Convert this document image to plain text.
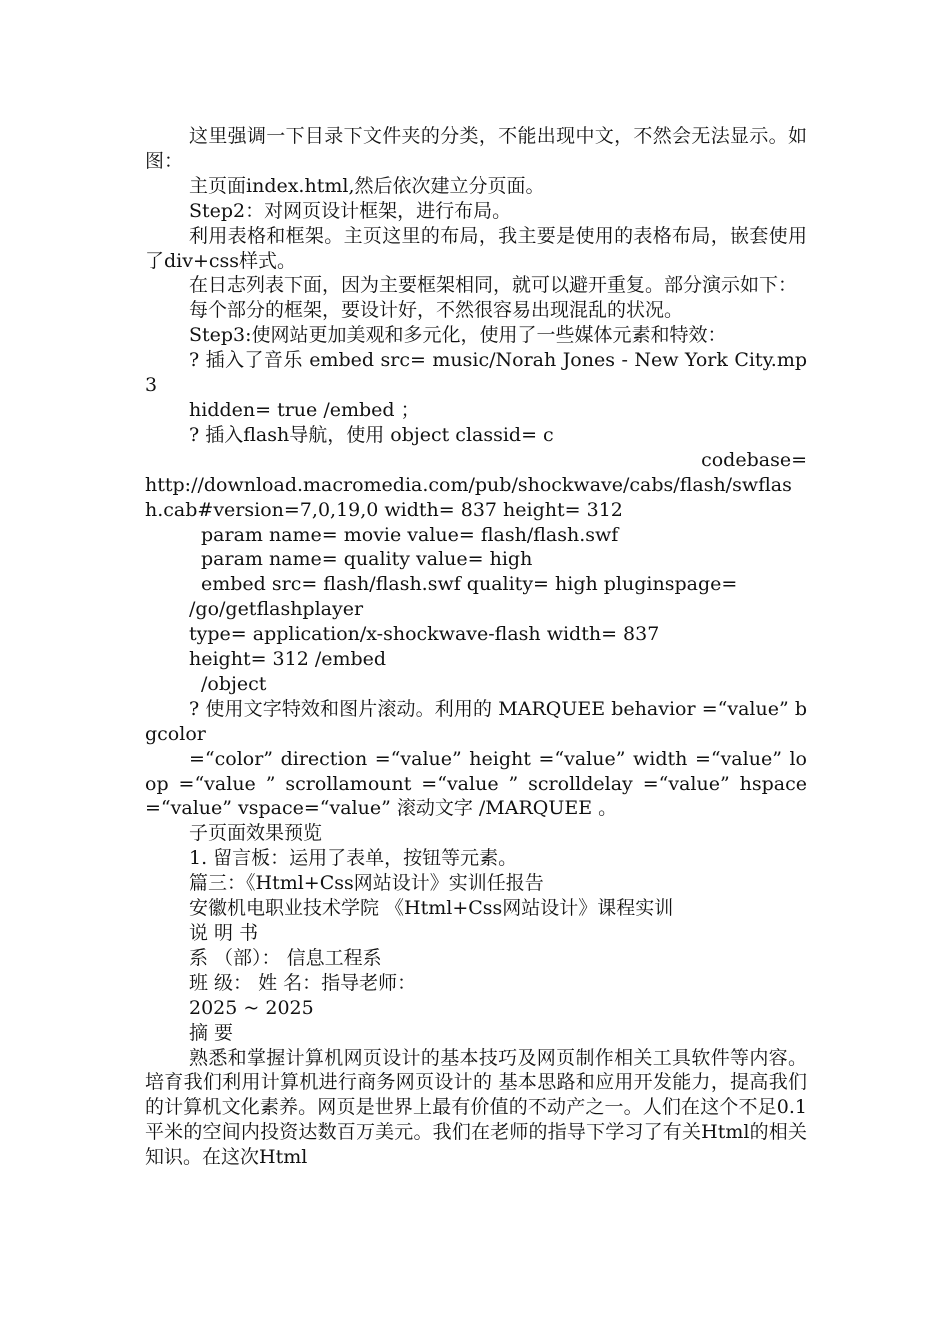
这里强调一下目录下文件夹的分类，不能出现中文，不然会无法显示。如图：

主页面index.html,然后依次建立分页面。

Step2：对网页设计框架，进行布局。

利用表格和框架。主页这里的布局，我主要是使用的表格布局，嵌套使用了div+css样式。

在日志列表下面，因为主要框架相同，就可以避开重复。部分演示如下：

每个部分的框架，要设计好，不然很容易出现混乱的状况。

Step3:使网站更加美观和多元化，使用了一些媒体元素和特效：

? 插入了音乐 embed src= music/Norah Jones - New York City.mp3

hidden= true /embed ；

? 插入flash导航，使用 object classid= c

codebase=

http://download.macromedia.com/pub/shockwave/cabs/flash/swflash.cab#version=7,0,19,0 width= 837 height= 312

param name= movie value= flash/flash.swf

param name= quality value= high

embed src= flash/flash.swf quality= high pluginspage=

/go/getflashplayer

type= application/x-shockwave-flash width= 837

height= 312 /embed

/object

? 使用文字特效和图片滚动。利用的 MARQUEE behavior =“value” bgcolor

=“color” direction =“value” height =“value” width =“value” loop =“value ” scrollamount =“value ” scrolldelay =“value” hspace=“value” vspace=“value” 滚动文字 /MARQUEE 。

子页面效果预览

1. 留言板：运用了表单，按钮等元素。

篇三：《Html+Css网站设计》实训任报告

安徽机电职业技术学院 《Html+Css网站设计》课程实训

说 明 书

系 （部）： 信息工程系

班 级： 姓 名：指导老师：

2025 ~ 2025

摘 要

熟悉和掌握计算机网页设计的基本技巧及网页制作相关工具软件等内容。培育我们利用计算机进行商务网页设计的 基本思路和应用开发能力，提高我们的计算机文化素养。网页是世界上最有价值的不动产之一。人们在这个不足0.1平米的空间内投资达数百万美元。我们在老师的指导下学习了有关Html的相关知识。在这次Html
